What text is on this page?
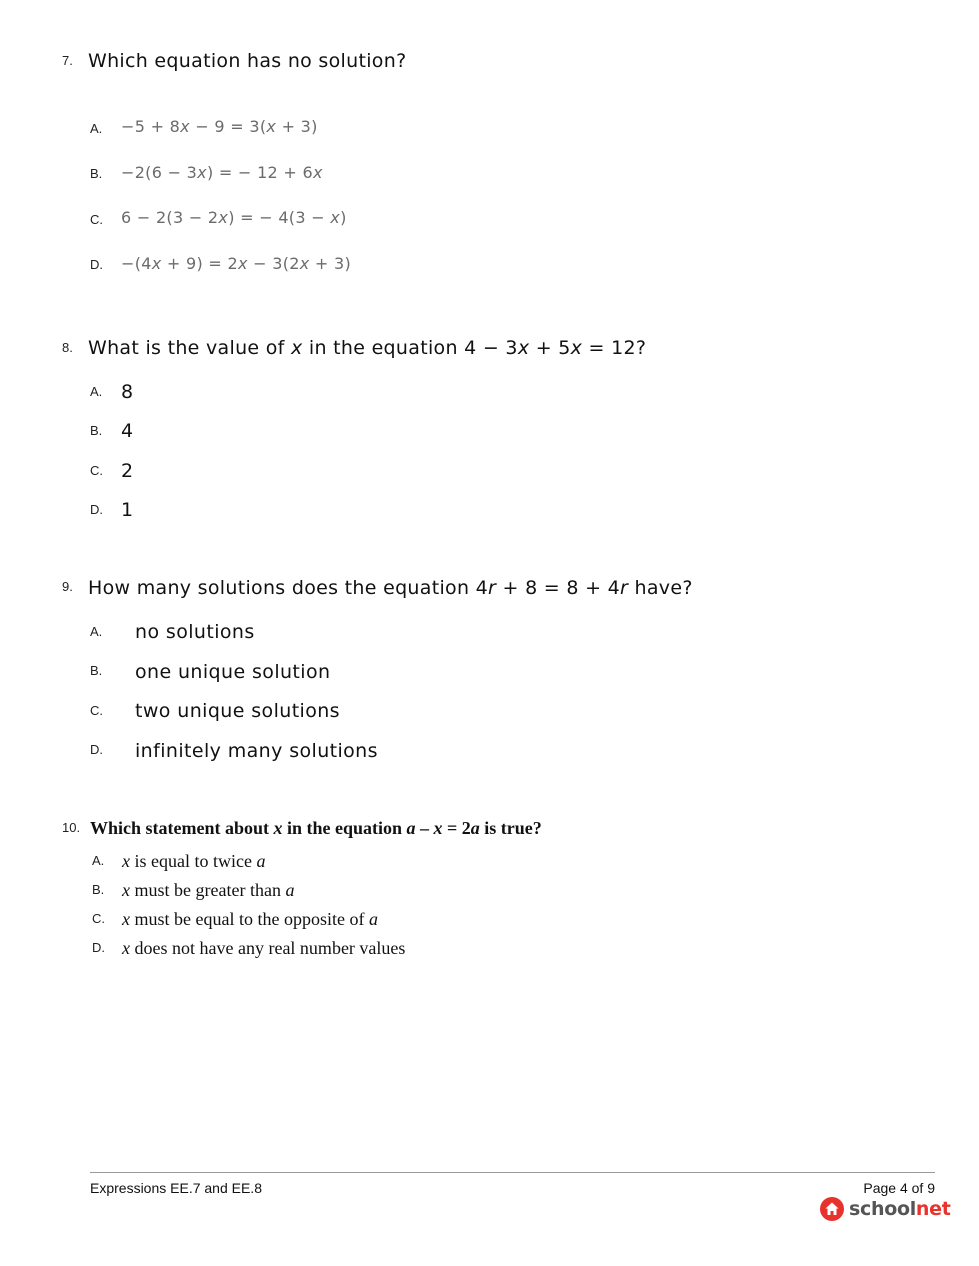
7. Which equation has no solution?
A. −5 + 8x − 9 = 3(x + 3)
B. −2(6 − 3x) = − 12 + 6x
C. 6 − 2(3 − 2x) = − 4(3 − x)
D. −(4x + 9) = 2x − 3(2x + 3)
8. What is the value of x in the equation 4 − 3x + 5x = 12?
A. 8
B. 4
C. 2
D. 1
9. How many solutions does the equation 4r + 8 = 8 + 4r have?
A. no solutions
B. one unique solution
C. two unique solutions
D. infinitely many solutions
10. Which statement about x in the equation a – x = 2a is true?
A. x is equal to twice a
B. x must be greater than a
C. x must be equal to the opposite of a
D. x does not have any real number values
Expressions EE.7 and EE.8	Page 4 of 9
schoolnet
